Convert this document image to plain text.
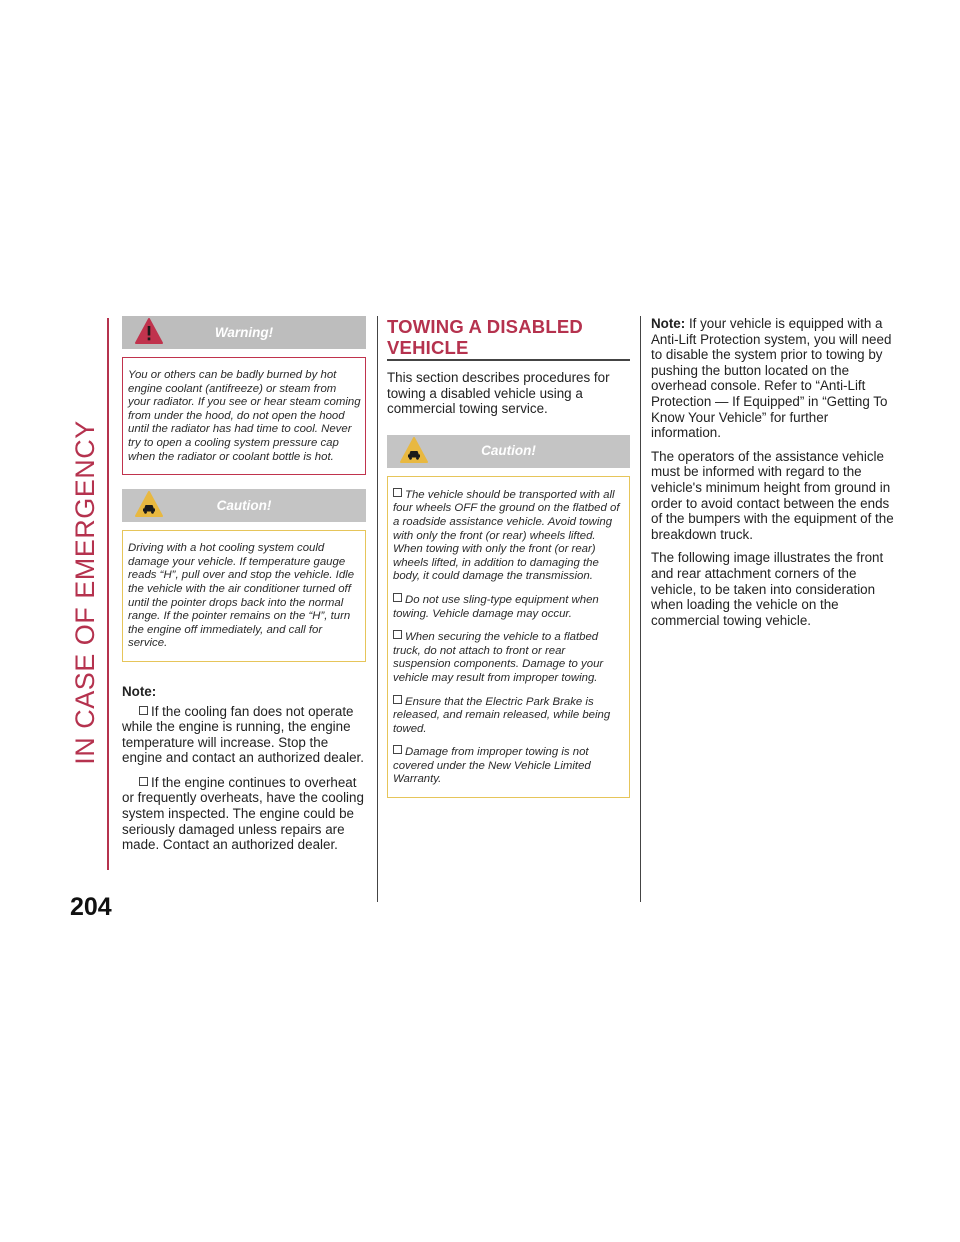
IN CASE OF EMERGENCY
204
Warning!
You or others can be badly burned by hot engine coolant (antifreeze) or steam from your radiator. If you see or hear steam coming from under the hood, do not open the hood until the radiator has had time to cool. Never try to open a cooling system pressure cap when the radiator or coolant bottle is hot.
Caution!
Driving with a hot cooling system could damage your vehicle. If temperature gauge reads “H”, pull over and stop the vehicle. Idle the vehicle with the air conditioner turned off until the pointer drops back into the normal range. If the pointer remains on the “H”, turn the engine off immediately, and call for service.
Note:
If the cooling fan does not operate while the engine is running, the engine temperature will increase. Stop the engine and contact an authorized dealer.
If the engine continues to overheat or frequently overheats, have the cooling system inspected. The engine could be seriously damaged unless repairs are made. Contact an authorized dealer.
TOWING A DISABLED VEHICLE

This section describes procedures for towing a disabled vehicle using a commercial towing service.

Caution!

The vehicle should be transported with all four wheels OFF the ground on the flatbed of a roadside assistance vehicle. Avoid towing with only the front (or rear) wheels lifted. When towing with only the front (or rear) wheels lifted, in addition to damaging the body, it could damage the transmission.

Do not use sling-type equipment when towing. Vehicle damage may occur.

When securing the vehicle to a flatbed truck, do not attach to front or rear suspension components. Damage to your vehicle may result from improper towing.

Ensure that the Electric Park Brake is released, and remain released, while being towed.

Damage from improper towing is not covered under the New Vehicle Limited Warranty.

Note: If your vehicle is equipped with a Anti-Lift Protection system, you will need to disable the system prior to towing by pushing the button located on the overhead console. Refer to “Anti-Lift Protection — If Equipped” in “Getting To Know Your Vehicle” for further information.

The operators of the assistance vehicle must be informed with regard to the vehicle's minimum height from ground in order to avoid contact between the ends of the bumpers with the equipment of the breakdown truck.

The following image illustrates the front and rear attachment corners of the vehicle, to be taken into consideration when loading the vehicle on the commercial towing vehicle.
